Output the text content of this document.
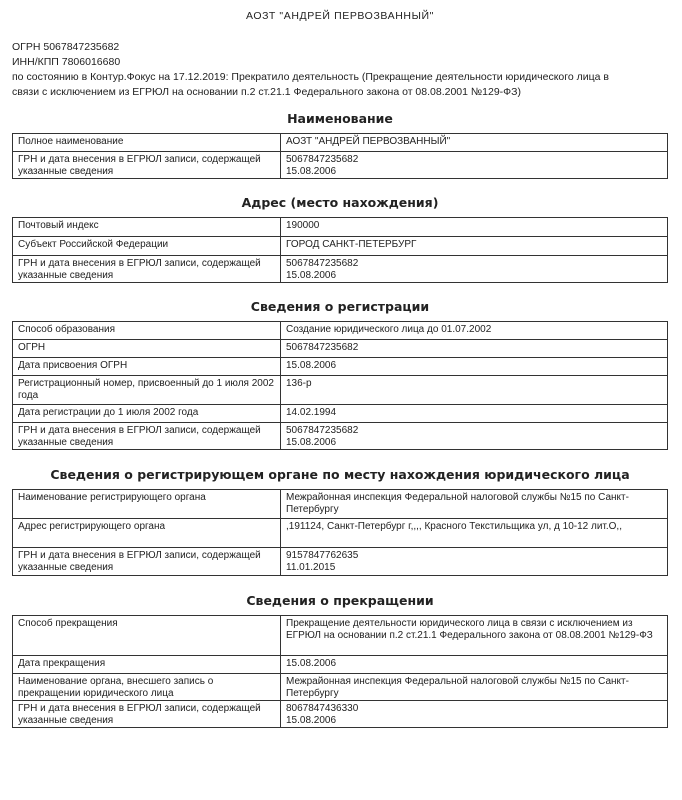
АОЗТ "АНДРЕЙ ПЕРВОЗВАННЫЙ"
ОГРН 5067847235682
ИНН/КПП 7806016680
по состоянию в Контур.Фокус на 17.12.2019: Прекратило деятельность (Прекращение деятельности юридического лица в
связи с исключением из ЕГРЮЛ на основании п.2 ст.21.1 Федерального закона от 08.08.2001 №129-ФЗ)
Наименование
Полное наименование	АОЗТ "АНДРЕЙ ПЕРВОЗВАННЫЙ"
ГРН и дата внесения в ЕГРЮЛ записи, содержащей указанные сведения	5067847235682
15.08.2006
Адрес (место нахождения)
Почтовый индекс	190000
Субъект Российской Федерации	ГОРОД САНКТ-ПЕТЕРБУРГ
ГРН и дата внесения в ЕГРЮЛ записи, содержащей указанные сведения	5067847235682
15.08.2006
Сведения о регистрации
Способ образования	Создание юридического лица до 01.07.2002
ОГРН	5067847235682
Дата присвоения ОГРН	15.08.2006
Регистрационный номер, присвоенный до 1 июля 2002 года	136-р
Дата регистрации до 1 июля 2002 года	14.02.1994
ГРН и дата внесения в ЕГРЮЛ записи, содержащей указанные сведения	5067847235682
15.08.2006
Сведения о регистрирующем органе по месту нахождения юридического лица
Наименование регистрирующего органа	Межрайонная инспекция Федеральной налоговой службы №15 по Санкт-Петербургу
Адрес регистрирующего органа	,191124, Санкт-Петербург г,,,, Красного Текстильщика ул, д 10-12 лит.О,,
ГРН и дата внесения в ЕГРЮЛ записи, содержащей указанные сведения	9157847762635
11.01.2015
Сведения о прекращении
Способ прекращения	Прекращение деятельности юридического лица в связи с исключением из ЕГРЮЛ на основании п.2 ст.21.1 Федерального закона от 08.08.2001 №129-ФЗ
Дата прекращения	15.08.2006
Наименование органа, внесшего запись о прекращении юридического лица	Межрайонная инспекция Федеральной налоговой службы №15 по Санкт-Петербургу
ГРН и дата внесения в ЕГРЮЛ записи, содержащей указанные сведения	8067847436330
15.08.2006
